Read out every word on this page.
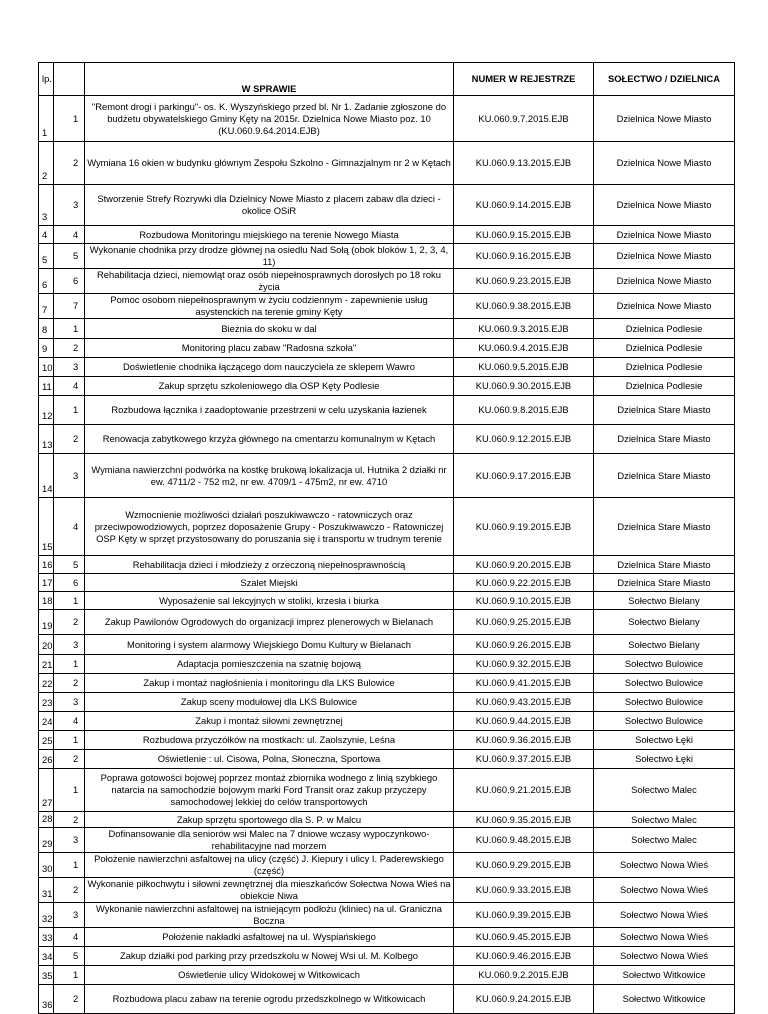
lp.		W SPRAWIE	NUMER W REJESTRZE	SOŁECTWO / DZIELNICA
1	1	"Remont drogi i parkingu"- os. K. Wyszyńskiego przed bl. Nr 1. Zadanie zgłoszone do budżetu obywatelskiego Gminy Kęty na 2015r. Dzielnica Nowe Miasto poz. 10 (KU.060.9.64.2014.EJB)	KU.060.9.7.2015.EJB	Dzielnica Nowe Miasto
2	2	Wymiana 16 okien w budynku głównym Zespołu Szkolno - Gimnazjalnym nr 2 w Kętach	KU.060.9.13.2015.EJB	Dzielnica Nowe Miasto
3	3	Stworzenie Strefy Rozrywki dla Dzielnicy Nowe Miasto z placem zabaw dla dzieci - okolice OSiR	KU.060.9.14.2015.EJB	Dzielnica Nowe Miasto
4	4	Rozbudowa Monitoringu miejskiego na terenie Nowego Miasta	KU.060.9.15.2015.EJB	Dzielnica Nowe Miasto
5	5	Wykonanie chodnika przy drodze głównej na osiedlu Nad Sołą (obok bloków 1, 2, 3, 4, 11)	KU.060.9.16.2015.EJB	Dzielnica Nowe Miasto
6	6	Rehabilitacja dzieci, niemowląt oraz osób niepełnosprawnych dorosłych po 18 roku życia	KU.060.9.23.2015.EJB	Dzielnica Nowe Miasto
7	7	Pomoc osobom niepełnosprawnym w życiu codziennym - zapewnienie usług asystenckich na terenie gminy Kęty	KU.060.9.38.2015.EJB	Dzielnica Nowe Miasto
8	1	Bieżnia do skoku w dal	KU.060.9.3.2015.EJB	Dzielnica Podlesie
9	2	Monitoring placu zabaw "Radosna szkoła"	KU.060.9.4.2015.EJB	Dzielnica Podlesie
10	3	Doświetlenie chodnika łączącego dom nauczyciela ze sklepem Wawro	KU.060.9.5.2015.EJB	Dzielnica Podlesie
11	4	Zakup sprzętu szkoleniowego dla OSP Kęty Podlesie	KU.060.9.30.2015.EJB	Dzielnica Podlesie
12	1	Rozbudowa łącznika i zaadoptowanie przestrzeni w celu uzyskania łazienek	KU.060.9.8.2015.EJB	Dzielnica Stare Miasto
13	2	Renowacja zabytkowego krzyża głównego na cmentarzu komunalnym w Kętach	KU.060.9.12.2015.EJB	Dzielnica Stare Miasto
14	3	Wymiana nawierzchni podwórka na kostkę brukową lokalizacja ul. Hutnika 2 działki nr ew. 4711/2 - 752 m2, nr ew. 4709/1 - 475m2, nr ew. 4710	KU.060.9.17.2015.EJB	Dzielnica Stare Miasto
15	4	Wzmocnienie możliwości działań poszukiwawczo - ratowniczych oraz przeciwpowodziowych, poprzez doposażenie Grupy - Poszukiwawczo - Ratowniczej OSP Kęty w sprzęt przystosowany do poruszania się i transportu w trudnym terenie	KU.060.9.19.2015.EJB	Dzielnica Stare Miasto
16	5	Rehabilitacja dzieci i młodzieży z orzeczoną niepełnosprawnością	KU.060.9.20.2015.EJB	Dzielnica Stare Miasto
17	6	Szalet Miejski	KU.060.9.22.2015.EJB	Dzielnica Stare Miasto
18	1	Wyposażenie sal lekcyjnych w stoliki, krzesła i biurka	KU.060.9.10.2015.EJB	Sołectwo Bielany
19	2	Zakup Pawilonów Ogrodowych do organizacji imprez plenerowych w Bielanach	KU.060.9.25.2015.EJB	Sołectwo Bielany
20	3	Monitoring i system alarmowy Wiejskiego Domu Kultury w Bielanach	KU.060.9.26.2015.EJB	Sołectwo Bielany
21	1	Adaptacja pomieszczenia na szatnię bojową	KU.060.9.32.2015.EJB	Sołectwo Bulowice
22	2	Zakup i montaż nagłośnienia i monitoringu dla LKS Bulowice	KU.060.9.41.2015.EJB	Sołectwo Bulowice
23	3	Zakup sceny modułowej dla LKS Bulowice	KU.060.9.43.2015.EJB	Sołectwo Bulowice
24	4	Zakup i montaż siłowni zewnętrznej	KU.060.9.44.2015.EJB	Sołectwo Bulowice
25	1	Rozbudowa przyczółków na mostkach: ul. Zaolszynie, Leśna	KU.060.9.36.2015.EJB	Sołectwo Łęki
26	2	Oświetlenie : ul. Cisowa, Polna, Słoneczna, Sportowa	KU.060.9.37.2015.EJB	Sołectwo Łęki
27	1	Poprawa gotowości bojowej poprzez montaż zbiornika wodnego z linią szybkiego natarcia na samochodzie bojowym marki Ford Transit oraz zakup przyczepy samochodowej lekkiej do celów transportowych	KU.060.9.21.2015.EJB	Sołectwo Malec
28	2	Zakup sprzętu sportowego dla S. P. w Malcu	KU.060.9.35.2015.EJB	Sołectwo Malec
29	3	Dofinansowanie dla seniorów wsi Malec na 7 dniowe wczasy wypoczynkowo-rehabilitacyjne nad morzem	KU.060.9.48.2015.EJB	Sołectwo Malec
30	1	Położenie nawierzchni asfaltowej na ulicy (część) J. Kiepury i ulicy I. Paderewskiego (część)	KU.060.9.29.2015.EJB	Sołectwo Nowa Wieś
31	2	Wykonanie piłkochwytu i siłowni zewnętrznej dla mieszkańców Sołectwa Nowa Wieś na obiekcie Niwa	KU.060.9.33.2015.EJB	Sołectwo Nowa Wieś
32	3	Wykonanie nawierzchni asfaltowej na istniejącym podłożu (kliniec) na ul. Graniczna Boczna	KU.060.9.39.2015.EJB	Sołectwo Nowa Wieś
33	4	Położenie nakładki asfaltowej na ul. Wyspiańskiego	KU.060.9.45.2015.EJB	Sołectwo Nowa Wieś
34	5	Zakup działki pod parking przy przedszkolu w Nowej Wsi ul. M. Kolbego	KU.060.9.46.2015.EJB	Sołectwo Nowa Wieś
35	1	Oświetlenie ulicy Widokowej w Witkowicach	KU.060.9.2.2015.EJB	Sołectwo Witkowice
36	2	Rozbudowa placu zabaw na terenie ogrodu przedszkolnego w Witkowicach	KU.060.9.24.2015.EJB	Sołectwo Witkowice
